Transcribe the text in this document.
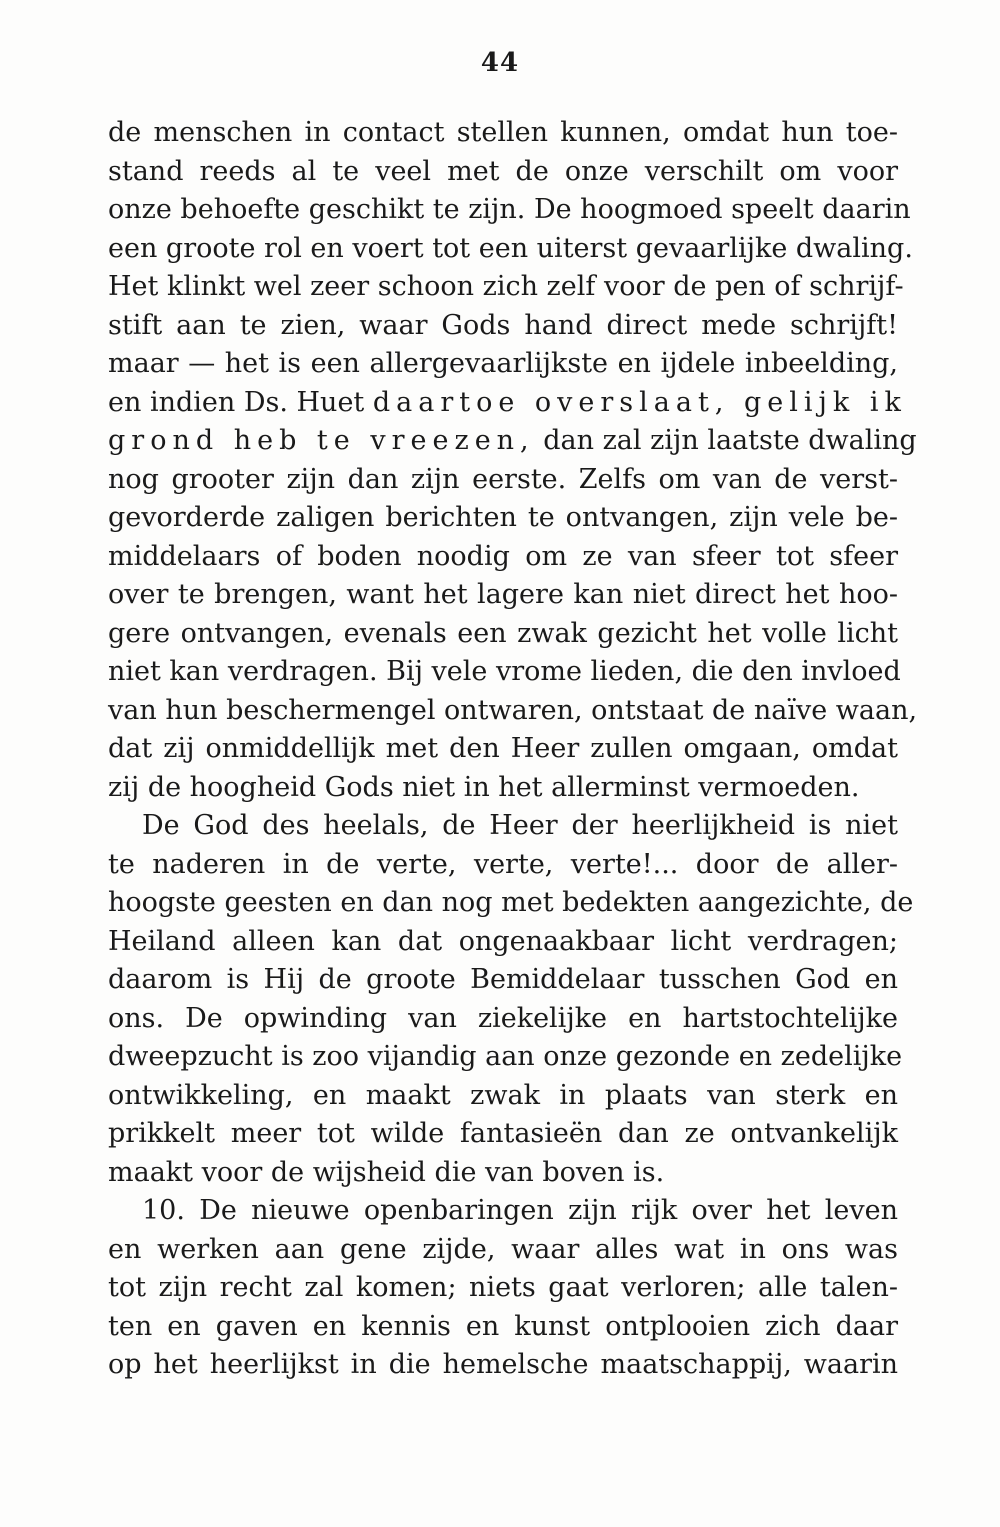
44
de menschen in contact stellen kunnen, omdat hun toe-
stand reeds al te veel met de onze verschilt om voor
onze behoefte geschikt te zijn. De hoogmoed speelt daarin
een groote rol en voert tot een uiterst gevaarlijke dwaling.
Het klinkt wel zeer schoon zich zelf voor de pen of schrijf-
stift aan te zien, waar Gods hand direct mede schrijft!
maar — het is een allergevaarlijkste en ijdele inbeelding,
en indien Ds. Huet daartoe overslaat, gelijk ik
grond heb te vreezen, dan zal zijn laatste dwaling
nog grooter zijn dan zijn eerste. Zelfs om van de verst-
gevorderde zaligen berichten te ontvangen, zijn vele be-
middelaars of boden noodig om ze van sfeer tot sfeer
over te brengen, want het lagere kan niet direct het hoo-
gere ontvangen, evenals een zwak gezicht het volle licht
niet kan verdragen. Bij vele vrome lieden, die den invloed
van hun beschermengel ontwaren, ontstaat de naïve waan,
dat zij onmiddellijk met den Heer zullen omgaan, omdat
zij de hoogheid Gods niet in het allerminst vermoeden.
De God des heelals, de Heer der heerlijkheid is niet
te naderen in de verte, verte, verte!... door de aller-
hoogste geesten en dan nog met bedekten aangezichte, de
Heiland alleen kan dat ongenaakbaar licht verdragen;
daarom is Hij de groote Bemiddelaar tusschen God en
ons. De opwinding van ziekelijke en hartstochtelijke
dweepzucht is zoo vijandig aan onze gezonde en zedelijke
ontwikkeling, en maakt zwak in plaats van sterk en
prikkelt meer tot wilde fantasieën dan ze ontvankelijk
maakt voor de wijsheid die van boven is.
10. De nieuwe openbaringen zijn rijk over het leven
en werken aan gene zijde, waar alles wat in ons was
tot zijn recht zal komen; niets gaat verloren; alle talen-
ten en gaven en kennis en kunst ontplooien zich daar
op het heerlijkst in die hemelsche maatschappij, waarin
